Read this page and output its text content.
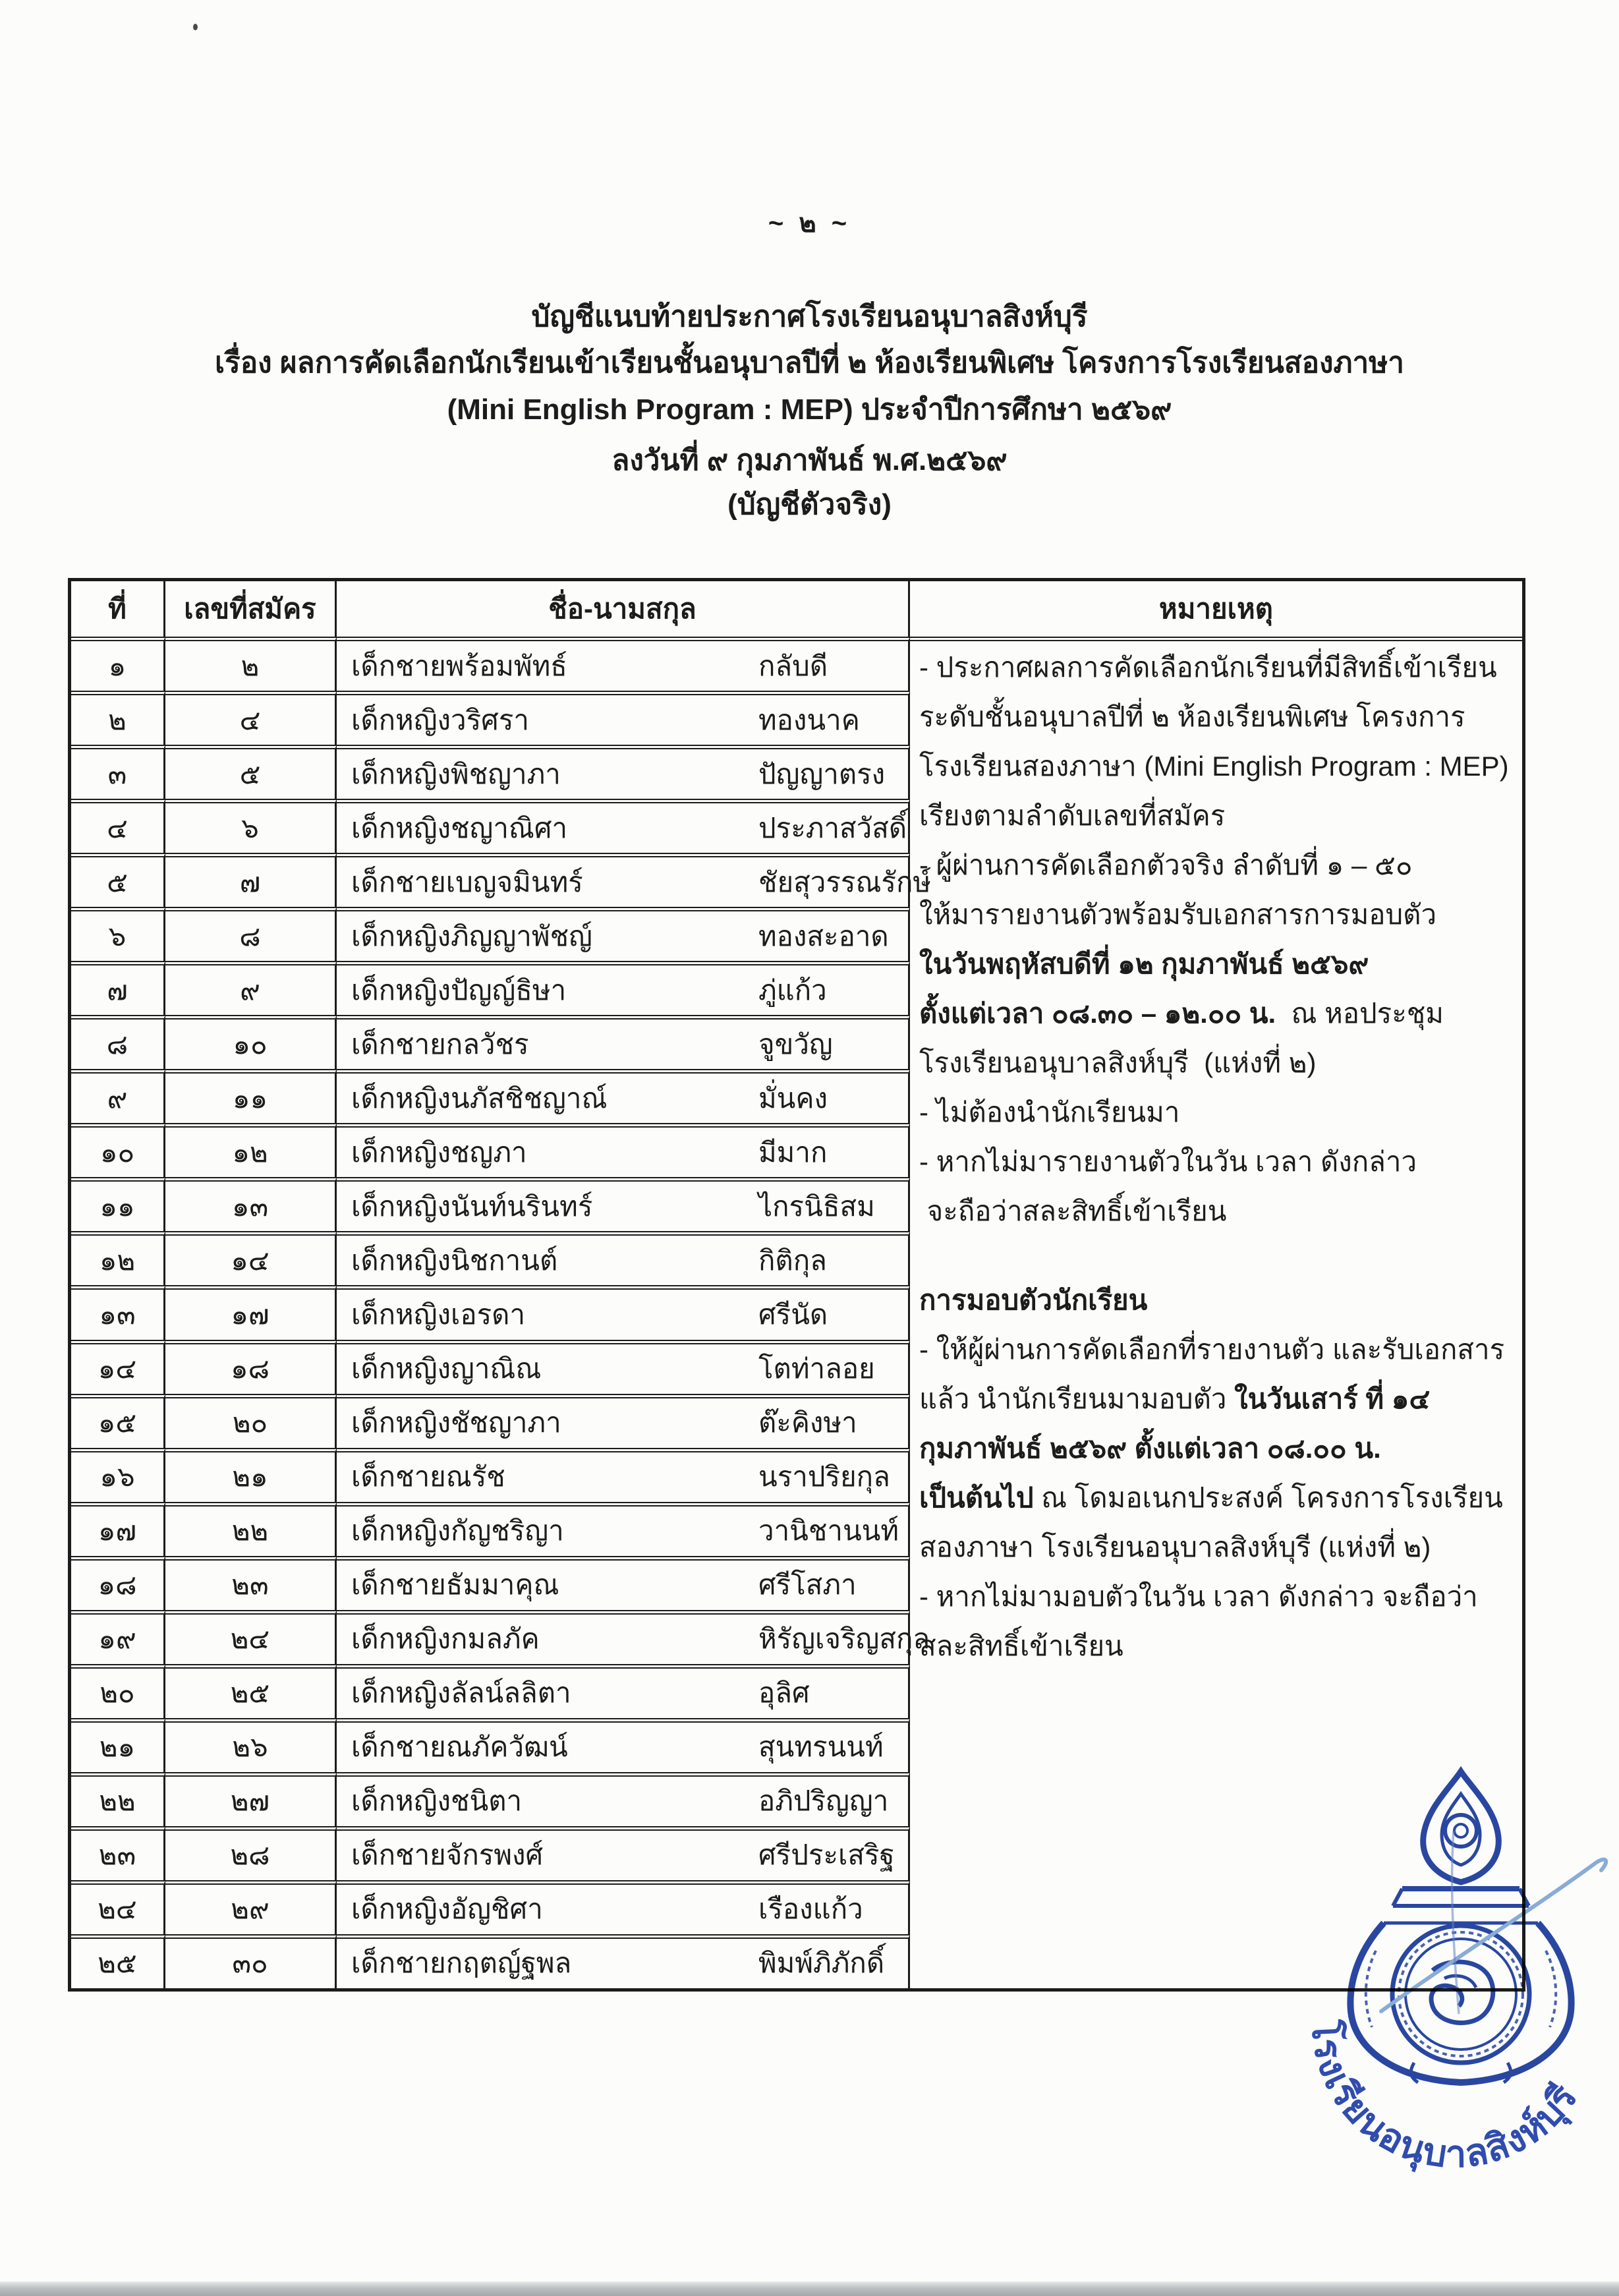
~ ๒ ~
บัญชีแนบท้ายประกาศโรงเรียนอนุบาลสิงห์บุรี
เรื่อง ผลการคัดเลือกนักเรียนเข้าเรียนชั้นอนุบาลปีที่ ๒ ห้องเรียนพิเศษ โครงการโรงเรียนสองภาษา
(Mini English Program : MEP) ประจำปีการศึกษา ๒๕๖๙
ลงวันที่ ๙ กุมภาพันธ์ พ.ศ.๒๕๖๙
(บัญชีตัวจริง)
ที่	เลขที่สมัคร	ชื่อ-นามสกุล	หมายเหตุ
- ประกาศผลการคัดเลือกนักเรียนที่มีสิทธิ์เข้าเรียน
ระดับชั้นอนุบาลปีที่ ๒ ห้องเรียนพิเศษ โครงการ
โรงเรียนสองภาษา (Mini English Program : MEP)
เรียงตามลำดับเลขที่สมัคร
- ผู้ผ่านการคัดเลือกตัวจริง ลำดับที่ ๑ – ๕๐
ให้มารายงานตัวพร้อมรับเอกสารการมอบตัว
ในวันพฤหัสบดีที่ ๑๒ กุมภาพันธ์ ๒๕๖๙
ตั้งแต่เวลา ๐๘.๓๐ – ๑๒.๐๐ น.  ณ หอประชุม
โรงเรียนอนุบาลสิงห์บุรี  (แห่งที่ ๒)
- ไม่ต้องนำนักเรียนมา
- หากไม่มารายงานตัวในวัน เวลา ดังกล่าว
จะถือว่าสละสิทธิ์เข้าเรียน
การมอบตัวนักเรียน
- ให้ผู้ผ่านการคัดเลือกที่รายงานตัว และรับเอกสาร
แล้ว นำนักเรียนมามอบตัว ในวันเสาร์ ที่ ๑๔
กุมภาพันธ์ ๒๕๖๙ ตั้งแต่เวลา ๐๘.๐๐ น.
เป็นต้นไป ณ โดมอเนกประสงค์ โครงการโรงเรียน
สองภาษา โรงเรียนอนุบาลสิงห์บุรี (แห่งที่ ๒)
- หากไม่มามอบตัวในวัน เวลา ดังกล่าว จะถือว่า
สละสิทธิ์เข้าเรียน
๑	๒	เด็กชายพร้อมพัทธ์	กลับดี
๒	๔	เด็กหญิงวริศรา	ทองนาค
๓	๕	เด็กหญิงพิชญาภา	ปัญญาตรง
๔	๖	เด็กหญิงชญาณิศา	ประภาสวัสดิ์
๕	๗	เด็กชายเบญจมินทร์	ชัยสุวรรณรักษ์
๖	๘	เด็กหญิงภิญญาพัชญ์	ทองสะอาด
๗	๙	เด็กหญิงปัญญ์ธิษา	ภู่แก้ว
๘	๑๐	เด็กชายกลวัชร	จูขวัญ
๙	๑๑	เด็กหญิงนภัสชิชญาณ์	มั่นคง
๑๐	๑๒	เด็กหญิงชญภา	มีมาก
๑๑	๑๓	เด็กหญิงนันท์นรินทร์	ไกรนิธิสม
๑๒	๑๔	เด็กหญิงนิชกานต์	กิติกุล
๑๓	๑๗	เด็กหญิงเอรดา	ศรีนัด
๑๔	๑๘	เด็กหญิงญาณิณ	โตท่าลอย
๑๕	๒๐	เด็กหญิงชัชญาภา	ต๊ะคิงษา
๑๖	๒๑	เด็กชายณรัช	นราปริยกุล
๑๗	๒๒	เด็กหญิงกัญชริญา	วานิชานนท์
๑๘	๒๓	เด็กชายธัมมาคุณ	ศรีโสภา
๑๙	๒๔	เด็กหญิงกมลภัค	หิรัญเจริญสกุล
๒๐	๒๕	เด็กหญิงลัลน์ลลิตา	อุลิศ
๒๑	๒๖	เด็กชายณภัควัฒน์	สุนทรนนท์
๒๒	๒๗	เด็กหญิงชนิตา	อภิปริญญา
๒๓	๒๘	เด็กชายจักรพงศ์	ศรีประเสริฐ
๒๔	๒๙	เด็กหญิงอัญชิศา	เรืองแก้ว
๒๕	๓๐	เด็กชายกฤตญ์ฐพล	พิมพ์ภิภักดิ์
โรงเรียนอนุบาลสิงห์บุรี
